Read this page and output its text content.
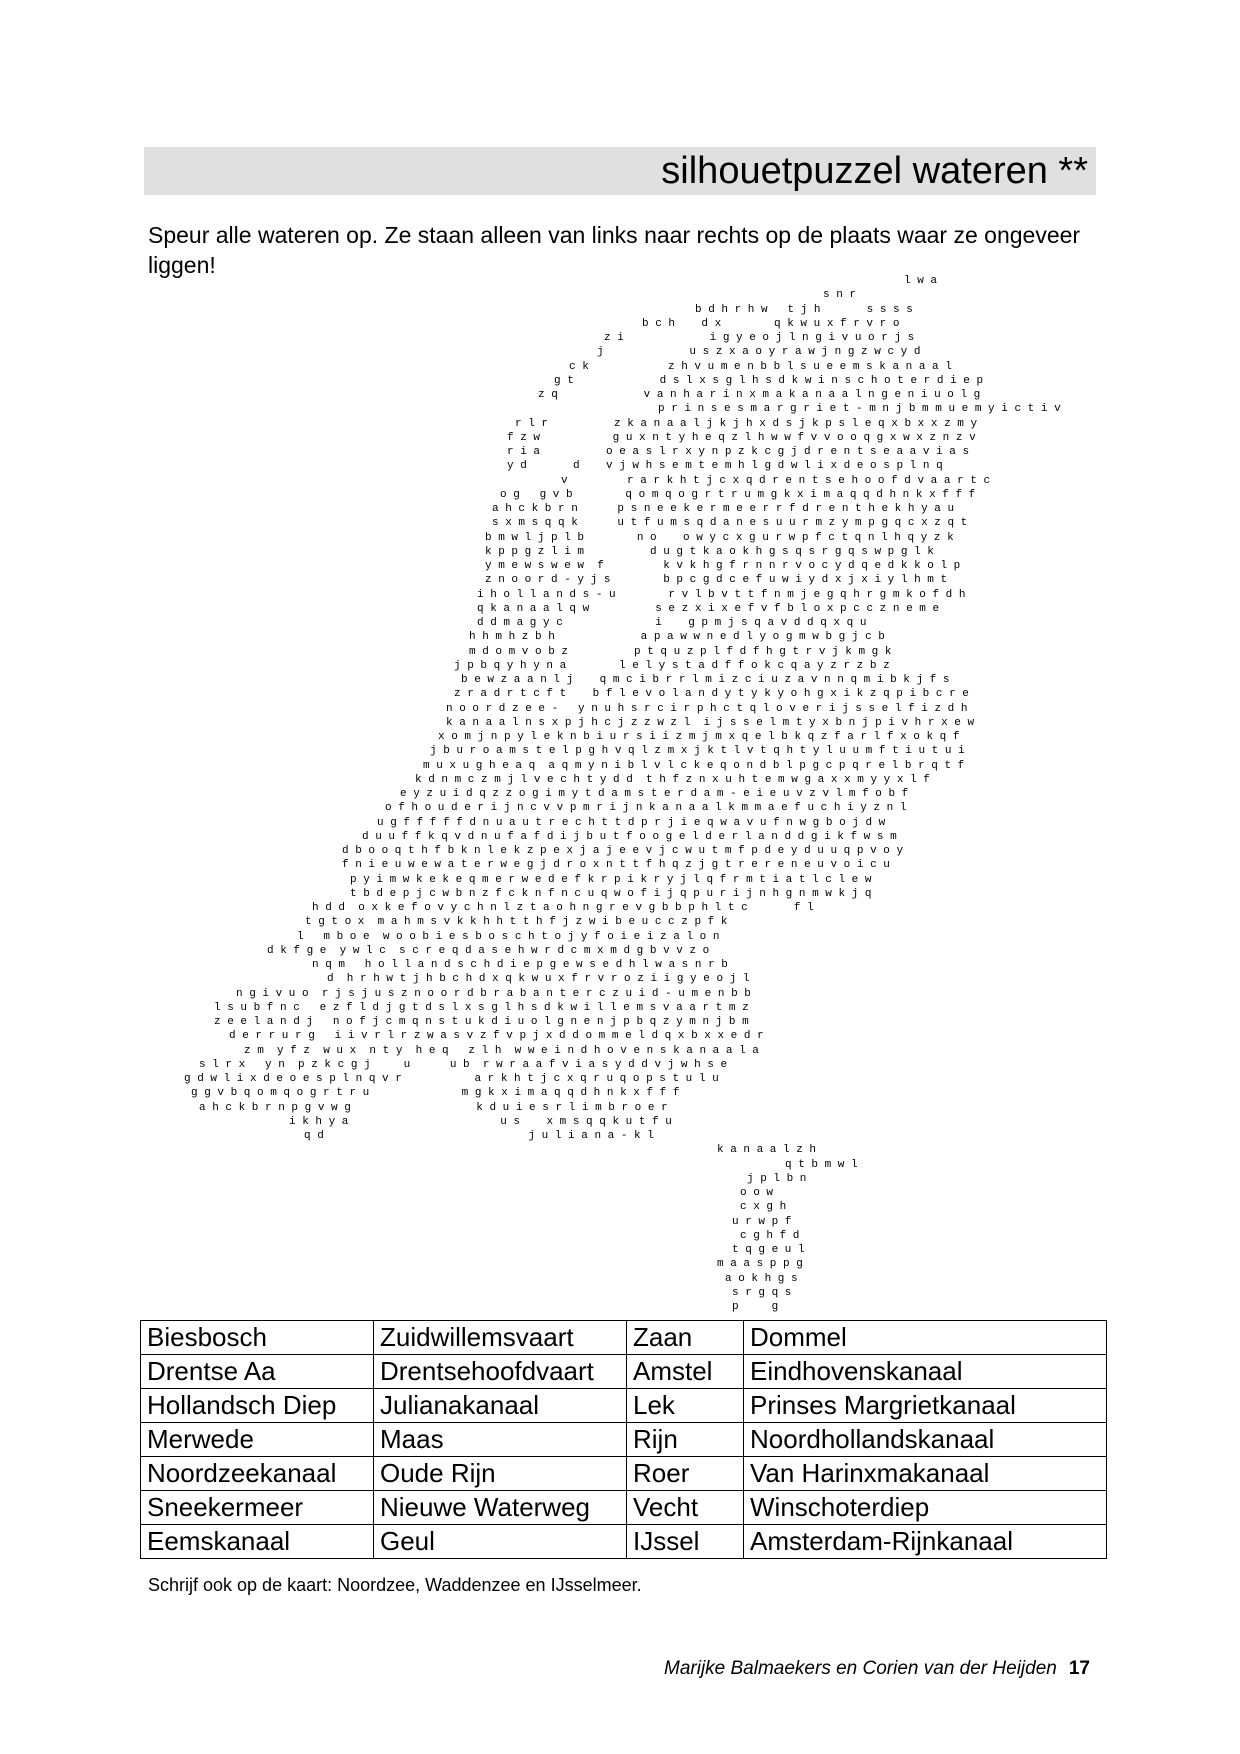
silhouetpuzzel wateren **
Speur alle wateren op. Ze staan alleen van links naar rechts op de plaats waar ze ongeveer liggen!
l w a
s n r
b d h r h w   t j h       s s s s
b c h    d x        q k w u x f r v r o
z i             i g y e o j l n g i v u o r j s
j             u s z x a o y r a w j n g z w c y d
c k            z h v u m e n b b l s u e e m s k a n a a l
g t             d s l x s g l h s d k w i n s c h o t e r d i e p
z q             v a n h a r i n x m a k a n a a l n g e n i u o l g
p r i n s e s m a r g r i e t - m n j b m m u e m y i c t i v
r l r          z k a n a a l j k j h x d s j k p s l e q x b x x z m y
f z w           g u x n t y h e q z l h w w f v v o o q g x w x z n z v
r i a          o e a s l r x y n p z k c g j d r e n t s e a a v i a s
y d       d    v j w h s e m t e m h l g d w l i x d e o s p l n q
v         r a r k h t j c x q d r e n t s e h o o f d v a a r t c
o g   g v b        q o m q o g r t r u m g k x i m a q q d h n k x f f f
a h c k b r n      p s n e e k e r m e e r r f d r e n t h e k h y a u
s x m s q q k      u t f u m s q d a n e s u u r m z y m p g q c x z q t
b m w l j p l b        n o    o w y c x g u r w p f c t q n l h q y z k
k p p g z l i m          d u g t k a o k h g s q s r g q s w p g l k
y m e w s w e w  f         k v k h g f r n n r v o c y d q e d k k o l p
z n o o r d - y j s        b p c g d c e f u w i y d x j x i y l h m t
i h o l l a n d s - u        r v l b v t t f n m j e g q h r g m k o f d h
q k a n a a l q w          s e z x i x e f v f b l o x p c c z n e m e
d d m a g y c              i    g p m j s q a v d d q x q u
h h m h z b h             a p a w w n e d l y o g m w b g j c b
m d o m v o b z          p t q u z p l f d f h g t r v j k m g k
j p b q y h y n a        l e l y s t a d f f o k c q a y z r z b z
b e w z a a n l j    q m c i b r r l m i z c i u z a v n n q m i b k j f s
z r a d r t c f t    b f l e v o l a n d y t y k y o h g x i k z q p i b c r e
n o o r d z e e -   y n u h s r c i r p h c t q l o v e r i j s s e l f i z d h
k a n a a l n s x p j h c j z z w z l  i j s s e l m t y x b n j p i v h r x e w
x o m j n p y l e k n b i u r s i i z m j m x q e l b k q z f a r l f x o k q f
j b u r o a m s t e l p g h v q l z m x j k t l v t q h t y l u u m f t i u t u i
m u x u g h e a q  a q m y n i b l v l c k e q o n d b l p g c p q r e l b r q t f
k d n m c z m j l v e c h t y d d  t h f z n x u h t e m w g a x x m y y x l f
e y z u i d q z z o g i m y t d a m s t e r d a m - e i e u v z v l m f o b f
o f h o u d e r i j n c v v p m r i j n k a n a a l k m m a e f u c h i y z n l
u g f f f f f d n u a u t r e c h t t d p r j i e q w a v u f n w g b o j d w
d u u f f k q v d n u f a f d i j b u t f o o g e l d e r l a n d d g i k f w s m
d b o o q t h f b k n l e k z p e x j a j e e v j c w u t m f p d e y d u u q p v o y
f n i e u w e w a t e r w e g j d r o x n t t f h q z j g t r e r e n e u v o i c u
p y i m w k e k e q m e r w e d e f k r p i k r y j l q f r m t i a t l c l e w
t b d e p j c w b n z f c k n f n c u q w o f i j q p u r i j n h g n m w k j q
h d d  o x k e f o v y c h n l z t a o h n g r e v g b b p h l t c       f l
t g t o x  m a h m s v k k h h t t h f j z w i b e u c c z p f k
l   m b o e  w o o b i e s b o s c h t o j y f o i e i z a l o n
d k f g e  y w l c  s c r e q d a s e h w r d c m x m d g b v v z o
n q m   h o l l a n d s c h d i e p g e w s e d h l w a s n r b
d  h r h w t j h b c h d x q k w u x f r v r o z i i g y e o j l
n g i v u o  r j s j u s z n o o r d b r a b a n t e r c z u i d - u m e n b b
l s u b f n c   e z f l d j g t d s l x s g l h s d k w i l l e m s v a a r t m z
z e e l a n d j   n o f j c m q n s t u k d i u o l g n e n j p b q z y m n j b m
d e r r u r g   i i v r l r z w a s v z f v p j x d d o m m e l d q x b x x e d r
z m  y f z  w u x  n t y  h e q   z l h  w w e i n d h o v e n s k a n a a l a
s l r x   y n  p z k c g j     u      u b  r w r a a f v i a s y d d v j w h s e
g d w l i x d e o e s p l n q v r           a r k h t j c x q r u q o p s t u l u
g g v b q o m q o g r t r u              m g k x i m a q q d h n k x f f f
a h c k b r n p g v w g                   k d u i e s r l i m b r o e r
i k h y a                       u s    x m s q q k u t f u
q d                               j u l i a n a - k l
k a n a a l z h
q t b m w l
j p l b n
o o w
c x g h
u r w p f
c g h f d
t q g e u l
m a a s p p g
a o k h g s
s r g q s
p     g
Biesbosch	Zuidwillemsvaart	Zaan	Dommel
Drentse Aa	Drentsehoofdvaart	Amstel	Eindhovenskanaal
Hollandsch Diep	Julianakanaal	Lek	Prinses Margrietkanaal
Merwede	Maas	Rijn	Noordhollandskanaal
Noordzeekanaal	Oude Rijn	Roer	Van Harinxmakanaal
Sneekermeer	Nieuwe Waterweg	Vecht	Winschoterdiep
Eemskanaal	Geul	IJssel	Amsterdam-Rijnkanaal
Schrijf ook op de kaart: Noordzee, Waddenzee en IJsselmeer.
Marijke Balmaekers en Corien van der Heijden 17
